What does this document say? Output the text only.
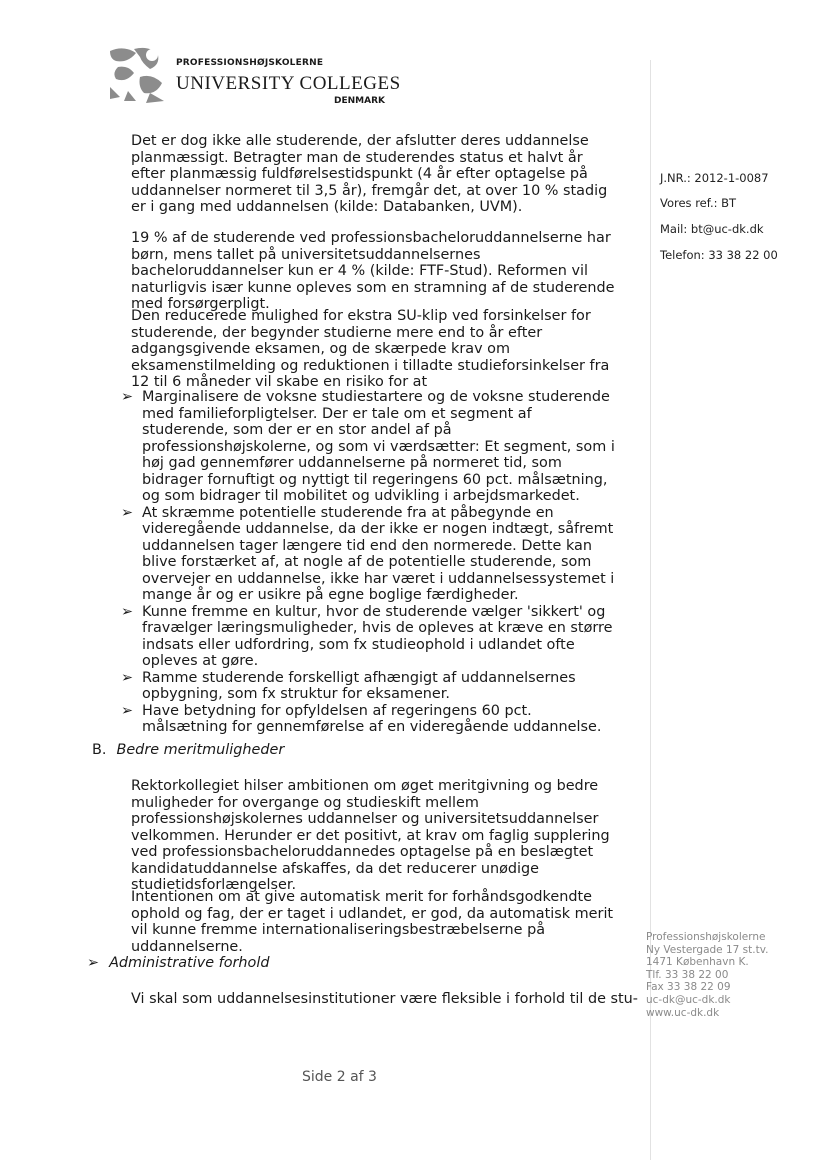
PROFESSIONSHØJSKOLERNE
UNIVERSITY COLLEGES
DENMARK
J.NR.: 2012-1-0087
Vores ref.: BT
Mail: bt@uc-dk.dk
Telefon: 33 38 22 00

Det er dog ikke alle studerende, der afslutter deres uddannelse planmæssigt. Betragter man de studerendes status et halvt år efter planmæssig fuldførelsestidspunkt (4 år efter optagelse på uddannelser normeret til 3,5 år), fremgår det, at over 10 % stadig er i gang med uddannelsen (kilde: Databanken, UVM).

19 % af de studerende ved professionsbacheloruddannelserne har børn, mens tallet på universitetsuddannelsernes bacheloruddannelser kun er 4 % (kilde: FTF-Stud). Reformen vil naturligvis især kunne opleves som en stramning af de studerende med forsørgerpligt.

Den reducerede mulighed for ekstra SU-klip ved forsinkelser for studerende, der begynder studierne mere end to år efter adgangsgivende eksamen, og de skærpede krav om eksamenstilmelding og reduktionen i tilladte studieforsinkelser fra 12 til 6 måneder vil skabe en risiko for at

➢ Marginalisere de voksne studiestartere og de voksne studerende med familieforpligtelser. Der er tale om et segment af studerende, som der er en stor andel af på professionshøjskolerne, og som vi værdsætter: Et segment, som i høj gad gennemfører uddannelserne på normeret tid, som bidrager fornuftigt og nyttigt til regeringens 60 pct. målsætning, og som bidrager til mobilitet og udvikling i arbejdsmarkedet.
➢ At skræmme potentielle studerende fra at påbegynde en videregående uddannelse, da der ikke er nogen indtægt, såfremt uddannelsen tager længere tid end den normerede. Dette kan blive forstærket af, at nogle af de potentielle studerende, som overvejer en uddannelse, ikke har været i uddannelsessystemet i mange år og er usikre på egne boglige færdigheder.
➢ Kunne fremme en kultur, hvor de studerende vælger 'sikkert' og fravælger læringsmuligheder, hvis de opleves at kræve en større indsats eller udfordring, som fx studieophold i udlandet ofte opleves at gøre.
➢ Ramme studerende forskelligt afhængigt af uddannelsernes opbygning, som fx struktur for eksamener.
➢ Have betydning for opfyldelsen af regeringens 60 pct. målsætning for gennemførelse af en videregående uddannelse.
B. Bedre meritmuligheder

Rektorkollegiet hilser ambitionen om øget meritgivning og bedre muligheder for overgange og studieskift mellem professionshøjskolernes uddannelser og universitetsuddannelser velkommen. Herunder er det positivt, at krav om faglig supplering ved professionsbacheloruddannedes optagelse på en beslægtet kandidatuddannelse afskaffes, da det reducerer unødige studietidsforlængelser.

Intentionen om at give automatisk merit for forhåndsgodkendte ophold og fag, der er taget i udlandet, er god, da automatisk merit vil kunne fremme internationaliseringsbestræbelserne på uddannelserne.

➢ Administrative forhold

Vi skal som uddannelsesinstitutioner være fleksible i forhold til de stu-

Professionshøjskolerne
Ny Vestergade 17 st.tv.
1471 København K.
Tlf. 33 38 22 00
Fax 33 38 22 09
uc-dk@uc-dk.dk
www.uc-dk.dk
Side 2 af 3
